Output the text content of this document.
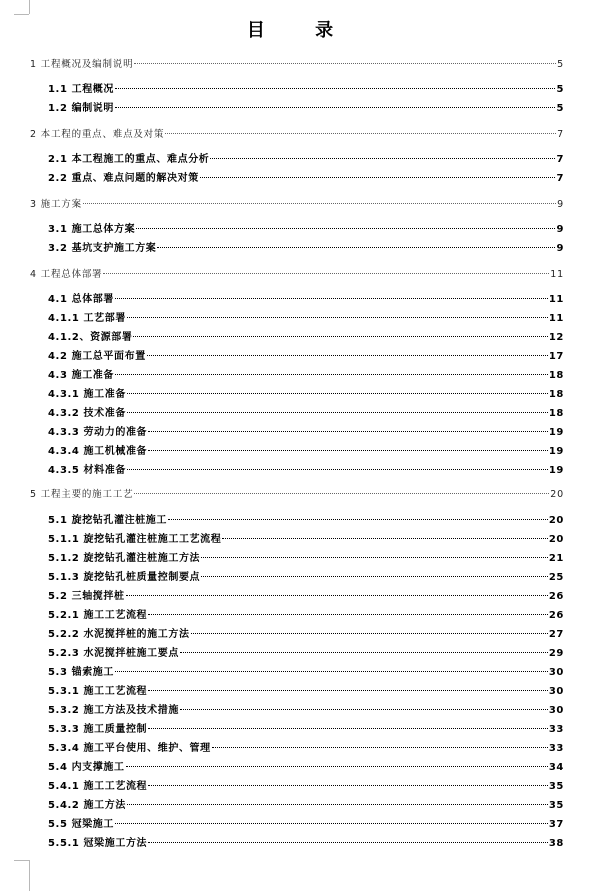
目 录
1 工程概况及编制说明	5
1.1 工程概况	5
1.2 编制说明	5
2 本工程的重点、难点及对策	7
2.1 本工程施工的重点、难点分析	7
2.2 重点、难点问题的解决对策	7
3 施工方案	9
3.1 施工总体方案	9
3.2 基坑支护施工方案	9
4 工程总体部署	11
4.1 总体部署	11
4.1.1 工艺部署	11
4.1.2、资源部署	12
4.2 施工总平面布置	17
4.3 施工准备	18
4.3.1 施工准备	18
4.3.2 技术准备	18
4.3.3 劳动力的准备	19
4.3.4 施工机械准备	19
4.3.5 材料准备	19
5 工程主要的施工工艺	20
5.1 旋挖钻孔灌注桩施工	20
5.1.1 旋挖钻孔灌注桩施工工艺流程	20
5.1.2 旋挖钻孔灌注桩施工方法	21
5.1.3 旋挖钻孔桩质量控制要点	25
5.2 三轴搅拌桩	26
5.2.1 施工工艺流程	26
5.2.2 水泥搅拌桩的施工方法	27
5.2.3 水泥搅拌桩施工要点	29
5.3 锚索施工	30
5.3.1 施工工艺流程	30
5.3.2 施工方法及技术措施	30
5.3.3 施工质量控制	33
5.3.4 施工平台使用、维护、管理	33
5.4 内支撑施工	34
5.4.1 施工工艺流程	35
5.4.2 施工方法	35
5.5 冠梁施工	37
5.5.1 冠梁施工方法	38
